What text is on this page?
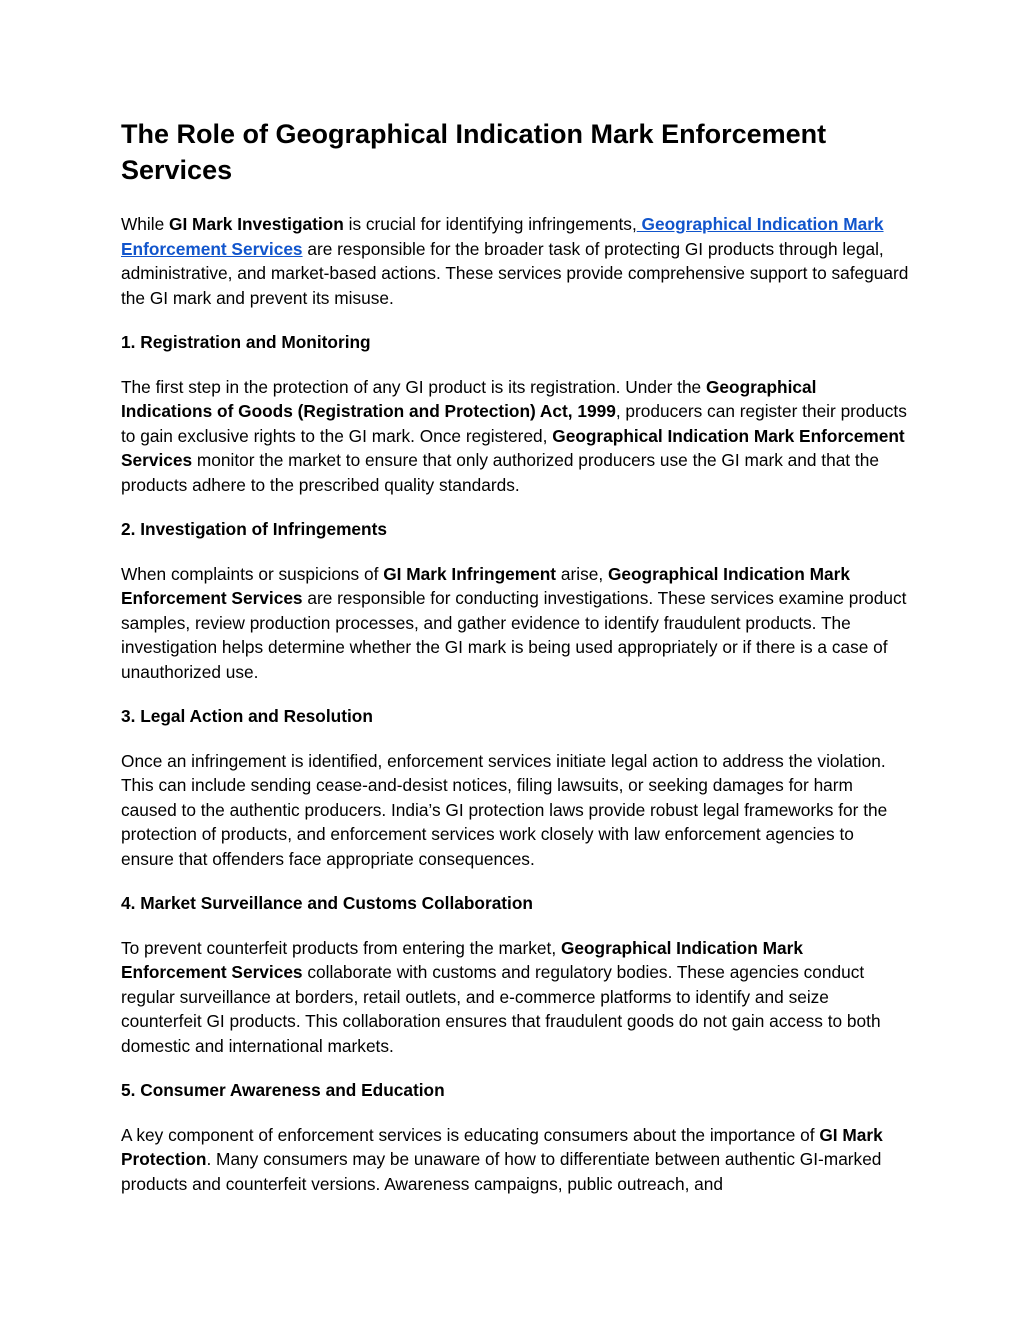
The Role of Geographical Indication Mark Enforcement Services

While GI Mark Investigation is crucial for identifying infringements, Geographical Indication Mark Enforcement Services are responsible for the broader task of protecting GI products through legal, administrative, and market-based actions. These services provide comprehensive support to safeguard the GI mark and prevent its misuse.

1. Registration and Monitoring

The first step in the protection of any GI product is its registration. Under the Geographical Indications of Goods (Registration and Protection) Act, 1999, producers can register their products to gain exclusive rights to the GI mark. Once registered, Geographical Indication Mark Enforcement Services monitor the market to ensure that only authorized producers use the GI mark and that the products adhere to the prescribed quality standards.

2. Investigation of Infringements

When complaints or suspicions of GI Mark Infringement arise, Geographical Indication Mark Enforcement Services are responsible for conducting investigations. These services examine product samples, review production processes, and gather evidence to identify fraudulent products. The investigation helps determine whether the GI mark is being used appropriately or if there is a case of unauthorized use.

3. Legal Action and Resolution

Once an infringement is identified, enforcement services initiate legal action to address the violation. This can include sending cease-and-desist notices, filing lawsuits, or seeking damages for harm caused to the authentic producers. India’s GI protection laws provide robust legal frameworks for the protection of products, and enforcement services work closely with law enforcement agencies to ensure that offenders face appropriate consequences.

4. Market Surveillance and Customs Collaboration

To prevent counterfeit products from entering the market, Geographical Indication Mark Enforcement Services collaborate with customs and regulatory bodies. These agencies conduct regular surveillance at borders, retail outlets, and e-commerce platforms to identify and seize counterfeit GI products. This collaboration ensures that fraudulent goods do not gain access to both domestic and international markets.

5. Consumer Awareness and Education

A key component of enforcement services is educating consumers about the importance of GI Mark Protection. Many consumers may be unaware of how to differentiate between authentic GI-marked products and counterfeit versions. Awareness campaigns, public outreach, and
